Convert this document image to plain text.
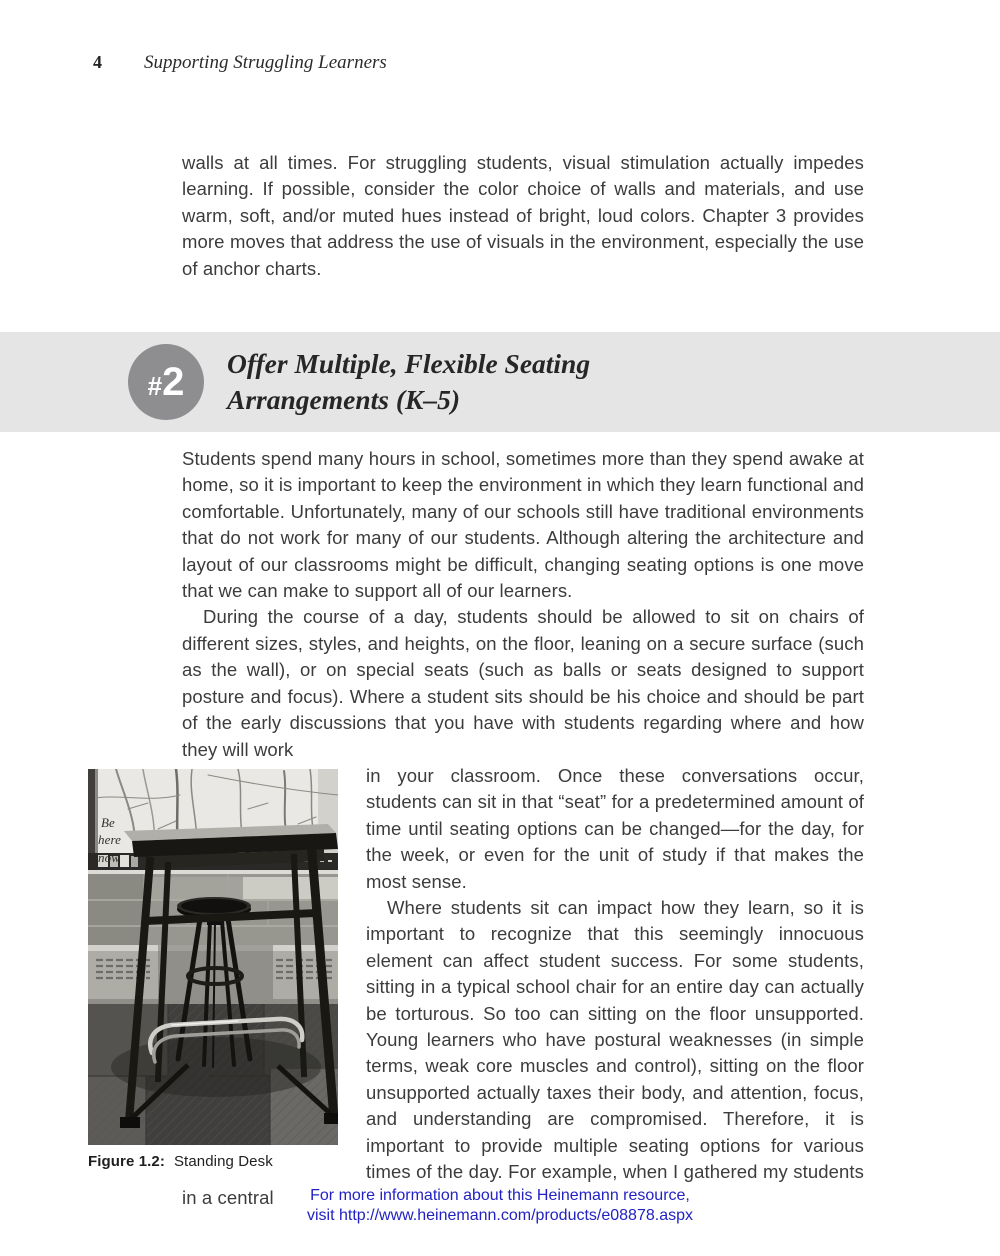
4 Supporting Struggling Learners

walls at all times. For struggling students, visual stimulation actually impedes learning. If possible, consider the color choice of walls and materials, and use warm, soft, and/or muted hues instead of bright, loud colors. Chapter 3 provides more moves that address the use of visuals in the environment, especially the use of anchor charts.

#2 Offer Multiple, Flexible Seating
Arrangements (K–5)

Students spend many hours in school, sometimes more than they spend awake at home, so it is important to keep the environment in which they learn functional and comfortable. Unfortunately, many of our schools still have traditional environments that do not work for many of our students. Although altering the architecture and layout of our classrooms might be difficult, changing seating options is one move that we can make to support all of our learners.

During the course of a day, students should be allowed to sit on chairs of different sizes, styles, and heights, on the floor, leaning on a secure surface (such as the wall), or on special seats (such as balls or seats designed to support posture and focus). Where a student sits should be his choice and should be part of the early discussions that you have with students regarding where and how they will work

Be
here
now
Figure 1.2: Standing Desk
in your classroom. Once these conversations occur, students can sit in that “seat” for a predetermined amount of time until seating options can be changed—for the day, for the week, or even for the unit of study if that makes the most sense.

Where students sit can impact how they learn, so it is important to recognize that this seemingly innocuous element can affect student success. For some students, sitting in a typical school chair for an entire day can actually be torturous. So too can sitting on the floor unsupported. Young learners who have postural weaknesses (in simple terms, weak core muscles and control), sitting on the floor unsupported actually taxes their body, and attention, focus, and understanding are compromised. Therefore, it is important to provide multiple seating options for various times of the day. For example, when I gathered my students in a central	For more information about this Heinemann resource,
visit http://www.heinemann.com/products/e08878.aspx
